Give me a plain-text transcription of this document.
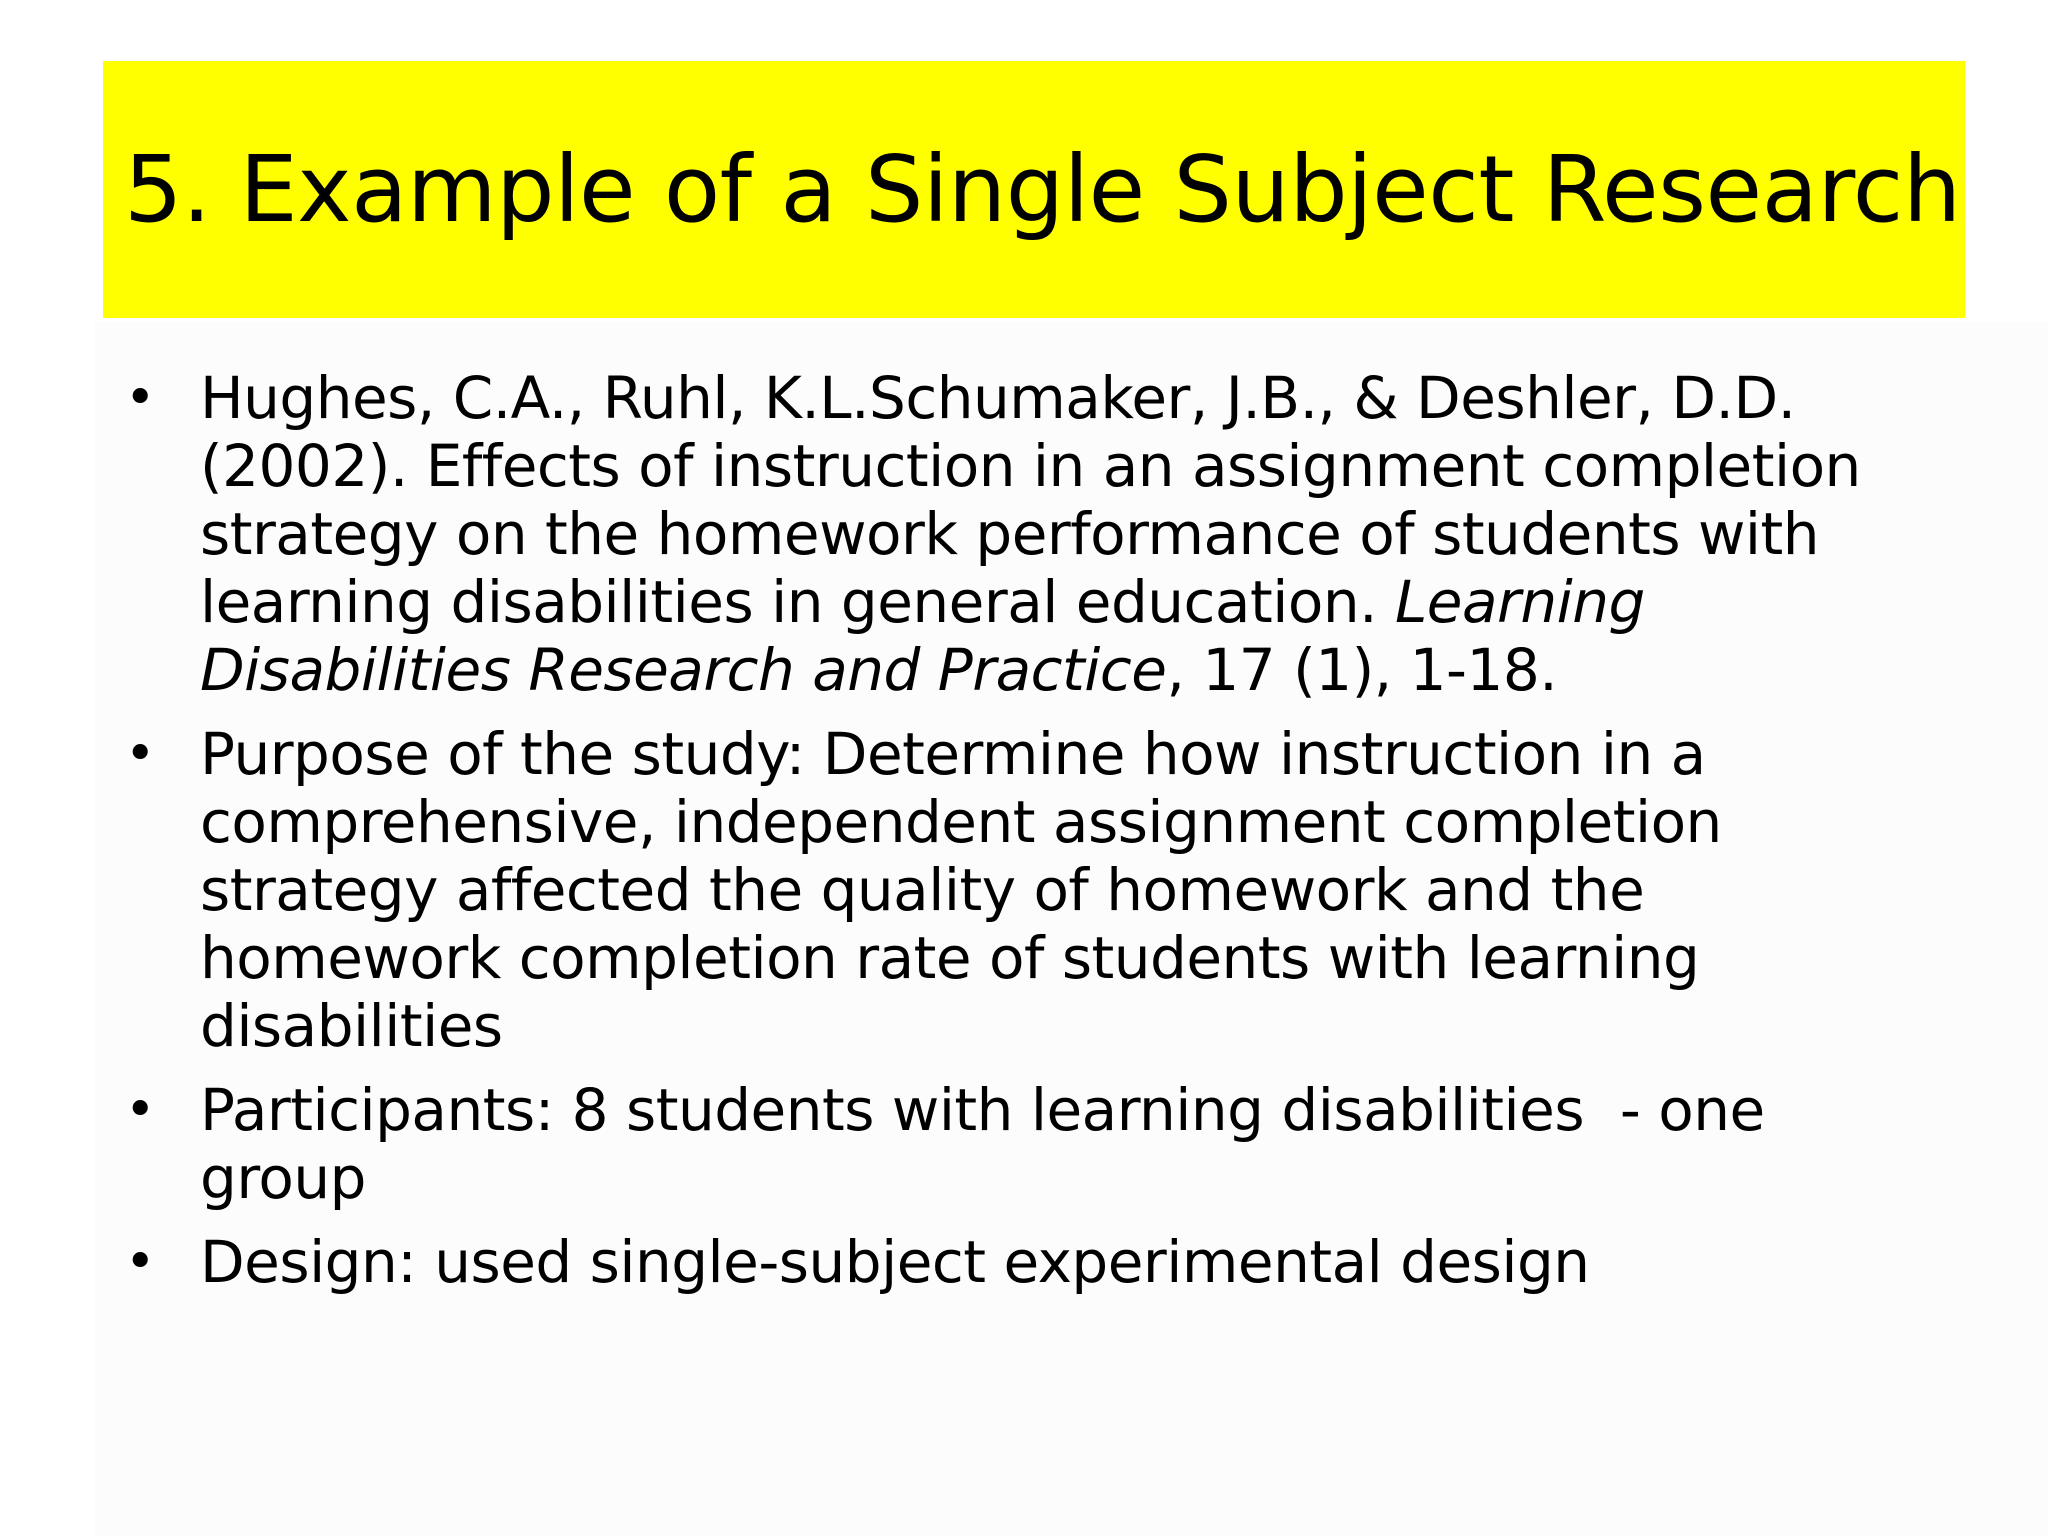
5. Example of a Single Subject Research
• Hughes, C.A., Ruhl, K.L.Schumaker, J.B., & Deshler, D.D.
(2002). Effects of instruction in an assignment completion
strategy on the homework performance of students with
learning disabilities in general education. Learning
Disabilities Research and Practice, 17 (1), 1-18.
• Purpose of the study: Determine how instruction in a
comprehensive, independent assignment completion
strategy affected the quality of homework and the
homework completion rate of students with learning
disabilities
• Participants: 8 students with learning disabilities  - one
group
• Design: used single-subject experimental design
